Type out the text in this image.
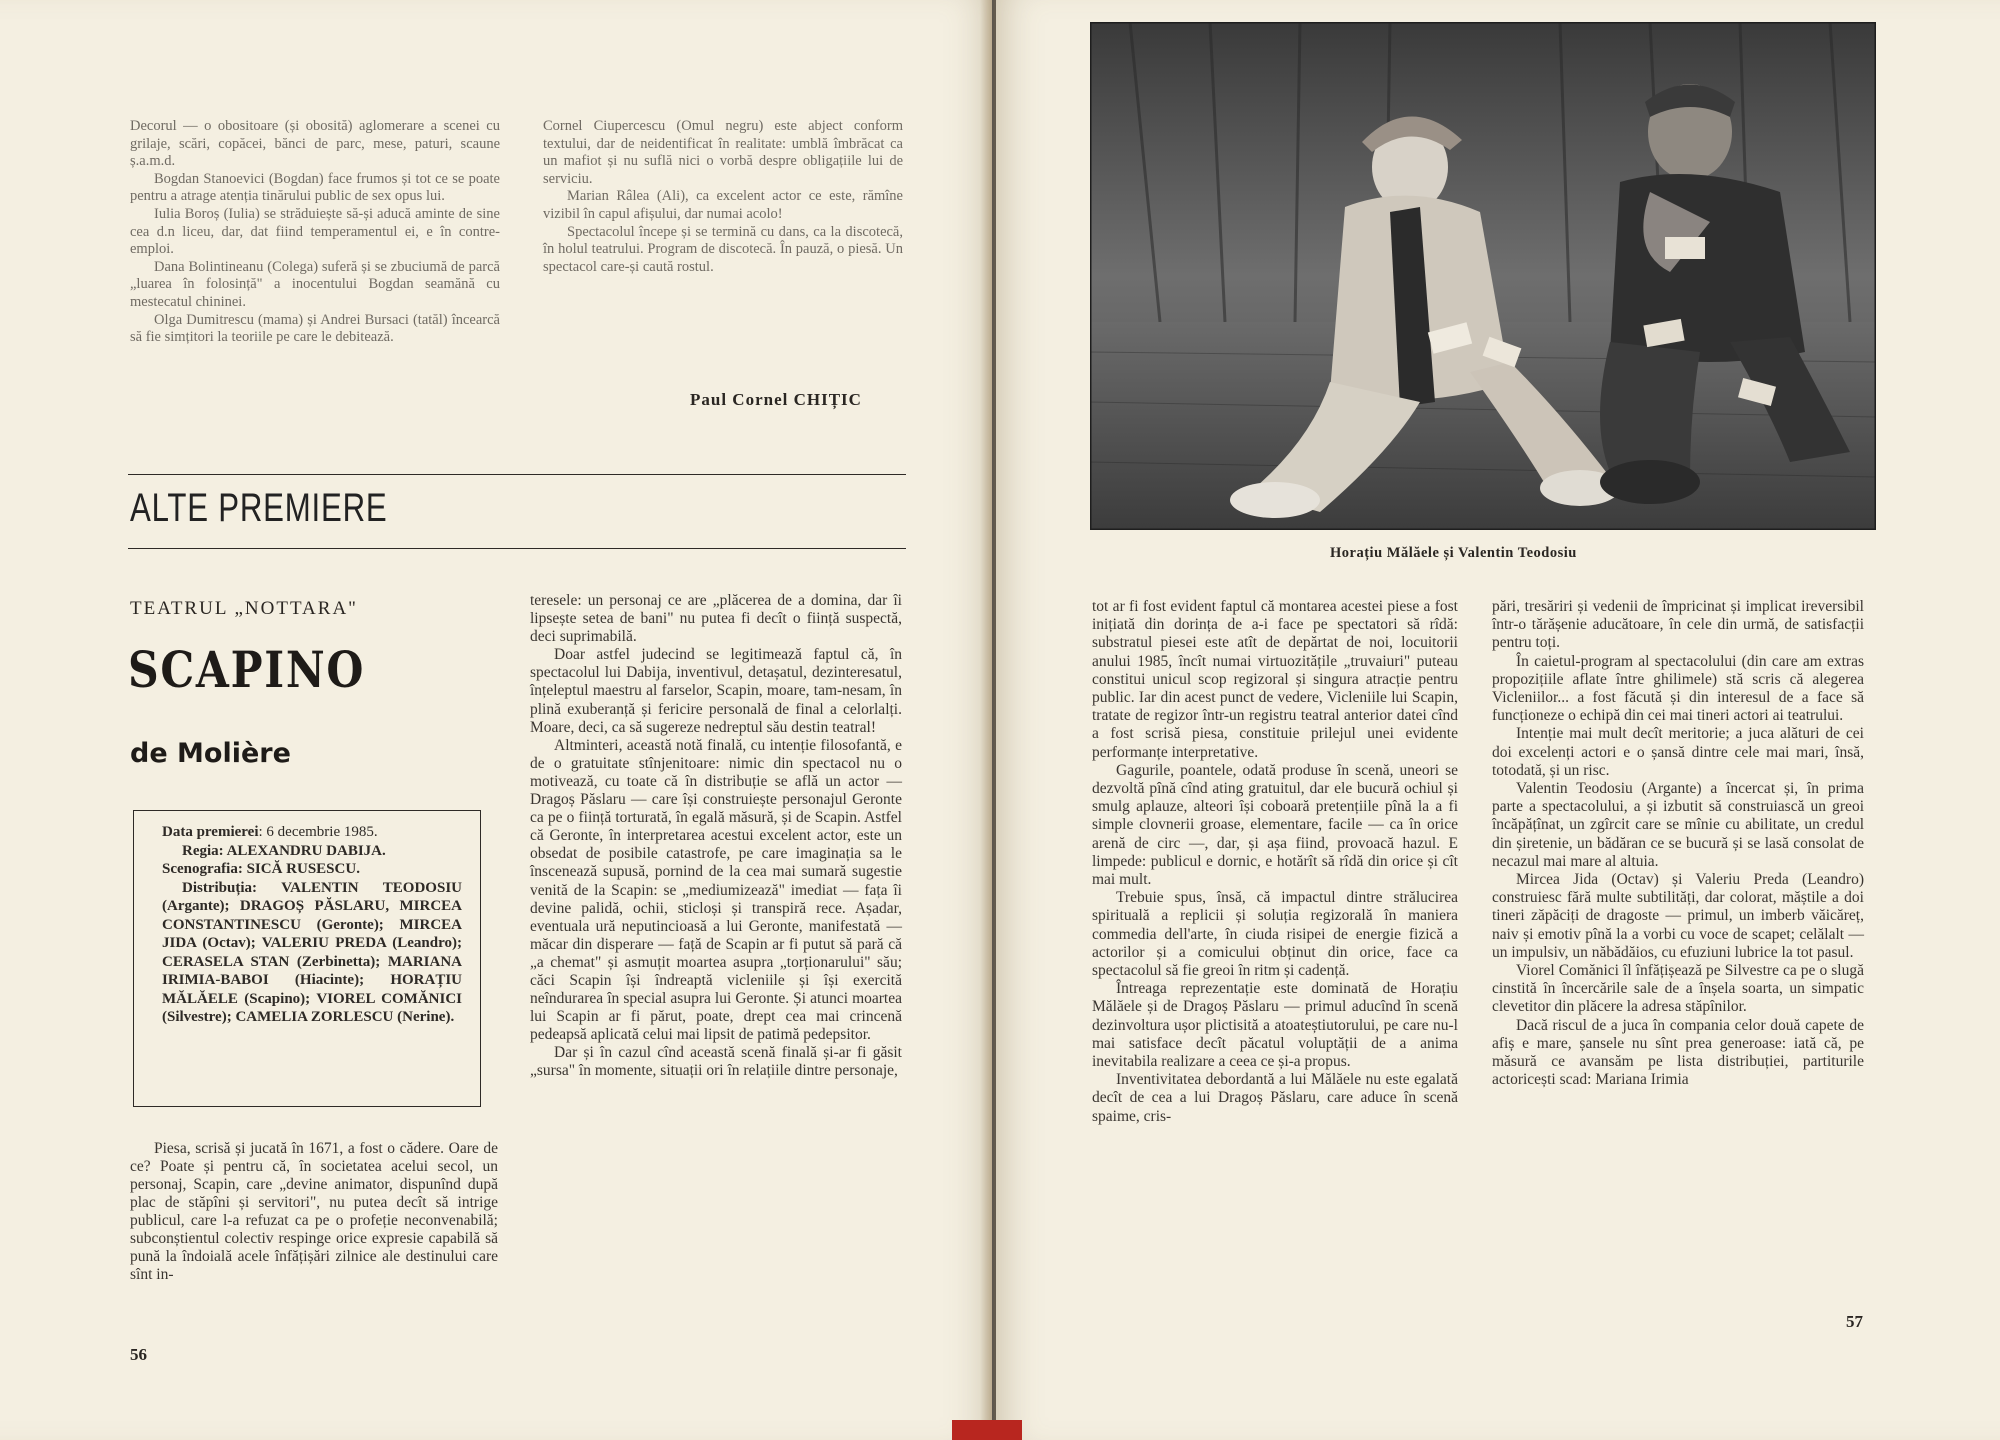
Decorul — o obositoare (și obosită) aglomerare a scenei cu grilaje, scări, copăcei, bănci de parc, mese, paturi, scaune ș.a.m.d.

Bogdan Stanoevici (Bogdan) face frumos și tot ce se poate pentru a atrage atenția tinărului public de sex opus lui.

Iulia Boroș (Iulia) se străduiește să-și aducă aminte de sine cea d.n liceu, dar, dat fiind temperamentul ei, e în contre-emploi.

Dana Bolintineanu (Colega) suferă și se zbuciumă de parcă „luarea în folosință" a inocentului Bogdan seamănă cu mestecatul chininei.

Olga Dumitrescu (mama) și Andrei Bursaci (tatăl) încearcă să fie simțitori la teoriile pe care le debitează.

Cornel Ciupercescu (Omul negru) este abject conform textului, dar de neidentificat în realitate: umblă îmbrăcat ca un mafiot și nu suflă nici o vorbă despre obligațiile lui de serviciu.

Marian Râlea (Ali), ca excelent actor ce este, rămîne vizibil în capul afișului, dar numai acolo!

Spectacolul începe și se termină cu dans, ca la discotecă, în holul teatrului. Program de discotecă. În pauză, o piesă. Un spectacol care-și caută rostul.

Paul Cornel CHIȚIC
ALTE PREMIERE
TEATRUL „NOTTARA"
SCAPINO
de Molière
Data premierei: 6 decembrie 1985.
Regia: ALEXANDRU DABIJA.
Scenografia: SICĂ RUSESCU.
Distribuția: VALENTIN TEODOSIU (Argante); DRAGOȘ PĂSLARU, MIRCEA CONSTANTINESCU (Geronte); MIRCEA JIDA (Octav); VALERIU PREDA (Leandro); CERASELA STAN (Zerbinetta); MARIANA IRIMIA-BABOI (Hiacinte); HORAȚIU MĂLĂELE (Scapino); VIOREL COMĂNICI (Silvestre); CAMELIA ZORLESCU (Nerine).

Piesa, scrisă și jucată în 1671, a fost o cădere. Oare de ce? Poate și pentru că, în societatea acelui secol, un personaj, Scapin, care „devine animator, dispunînd după plac de stăpîni și servitori", nu putea decît să intrige publicul, care l-a refuzat ca pe o profeție neconvenabilă; subconștientul colectiv respinge orice expresie capabilă să pună la îndoială acele înfățișări zilnice ale destinului care sînt in-

teresele: un personaj ce are „plăcerea de a domina, dar îi lipsește setea de bani" nu putea fi decît o ființă suspectă, deci suprimabilă.

Doar astfel judecind se legitimează faptul că, în spectacolul lui Dabija, inventivul, detașatul, dezinteresatul, înțeleptul maestru al farselor, Scapin, moare, tam-nesam, în plină exuberanță și fericire personală de final a celorlalți. Moare, deci, ca să sugereze nedreptul său destin teatral!

Altminteri, această notă finală, cu intenție filosofantă, e de o gratuitate stînjenitoare: nimic din spectacol nu o motivează, cu toate că în distribuție se află un actor — Dragoș Păslaru — care își construiește personajul Geronte ca pe o ființă torturată, în egală măsură, și de Scapin. Astfel că Geronte, în interpretarea acestui excelent actor, este un obsedat de posibile catastrofe, pe care imaginația sa le înscenează supusă, pornind de la cea mai sumară sugestie venită de la Scapin: se „mediumizează" imediat — fața îi devine palidă, ochii, sticloși și transpiră rece. Așadar, eventuala ură neputincioasă a lui Geronte, manifestată — măcar din disperare — față de Scapin ar fi putut să pară că „a chemat" și asmuțit moartea asupra „torționarului" său; căci Scapin își îndreaptă vicleniile și își exercită neîndurarea în special asupra lui Geronte. Și atunci moartea lui Scapin ar fi părut, poate, drept cea mai crincenă pedeapsă aplicată celui mai lipsit de patimă pedepsitor.

Dar și în cazul cînd această scenă finală și-ar fi găsit „sursa" în momente, situații ori în relațiile dintre personaje,

56
Horațiu Mălăele și Valentin Teodosiu

tot ar fi fost evident faptul că montarea acestei piese a fost inițiată din dorința de a-i face pe spectatori să rîdă: substratul piesei este atît de depărtat de noi, locuitorii anului 1985, încît numai virtuozitățile „truvaiuri" puteau constitui unicul scop regizoral și singura atracție pentru public. Iar din acest punct de vedere, Vicleniile lui Scapin, tratate de regizor într-un registru teatral anterior datei cînd a fost scrisă piesa, constituie prilejul unei evidente performanțe interpretative.

Gagurile, poantele, odată produse în scenă, uneori se dezvoltă pînă cînd ating gratuitul, dar ele bucură ochiul și smulg aplauze, alteori își coboară pretențiile pînă la a fi simple clovnerii groase, elementare, facile — ca în orice arenă de circ —, dar, și așa fiind, provoacă hazul. E limpede: publicul e dornic, e hotărît să rîdă din orice și cît mai mult.

Trebuie spus, însă, că impactul dintre strălucirea spirituală a replicii și soluția regizorală în maniera commedia dell'arte, în ciuda risipei de energie fizică a actorilor și a comicului obținut din orice, face ca spectacolul să fie greoi în ritm și cadență.

Întreaga reprezentație este dominată de Horațiu Mălăele și de Dragoș Păslaru — primul aducînd în scenă dezinvoltura ușor plictisită a atoateștiutorului, pe care nu-l mai satisface decît păcatul voluptății de a anima inevitabila realizare a ceea ce și-a propus.

Inventivitatea debordantă a lui Mălăele nu este egalată decît de cea a lui Dragoș Păslaru, care aduce în scenă spaime, cris-

pări, tresăriri și vedenii de împricinat și implicat ireversibil într-o tărășenie aducătoare, în cele din urmă, de satisfacții pentru toți.

În caietul-program al spectacolului (din care am extras propozițiile aflate între ghilimele) stă scris că alegerea Vicleniilor... a fost făcută și din interesul de a face să funcționeze o echipă din cei mai tineri actori ai teatrului.

Intenție mai mult decît meritorie; a juca alături de cei doi excelenți actori e o șansă dintre cele mai mari, însă, totodată, și un risc.

Valentin Teodosiu (Argante) a încercat și, în prima parte a spectacolului, a și izbutit să construiască un greoi încăpățînat, un zgîrcit care se mînie cu abilitate, un credul din șiretenie, un bădăran ce se bucură și se lasă consolat de necazul mai mare al altuia.

Mircea Jida (Octav) și Valeriu Preda (Leandro) construiesc fără multe subtilități, dar colorat, măștile a doi tineri zăpăciți de dragoste — primul, un imberb văicăreț, naiv și emotiv pînă la a vorbi cu voce de scapet; celălalt — un impulsiv, un năbădăios, cu efuziuni lubrice la tot pasul.

Viorel Comănici îl înfățișează pe Silvestre ca pe o slugă cinstită în încercările sale de a înșela soarta, un simpatic clevetitor din plăcere la adresa stăpînilor.

Dacă riscul de a juca în compania celor două capete de afiș e mare, șansele nu sînt prea generoase: iată că, pe măsură ce avansăm pe lista distribuției, partiturile actoricești scad: Mariana Irimia

57
